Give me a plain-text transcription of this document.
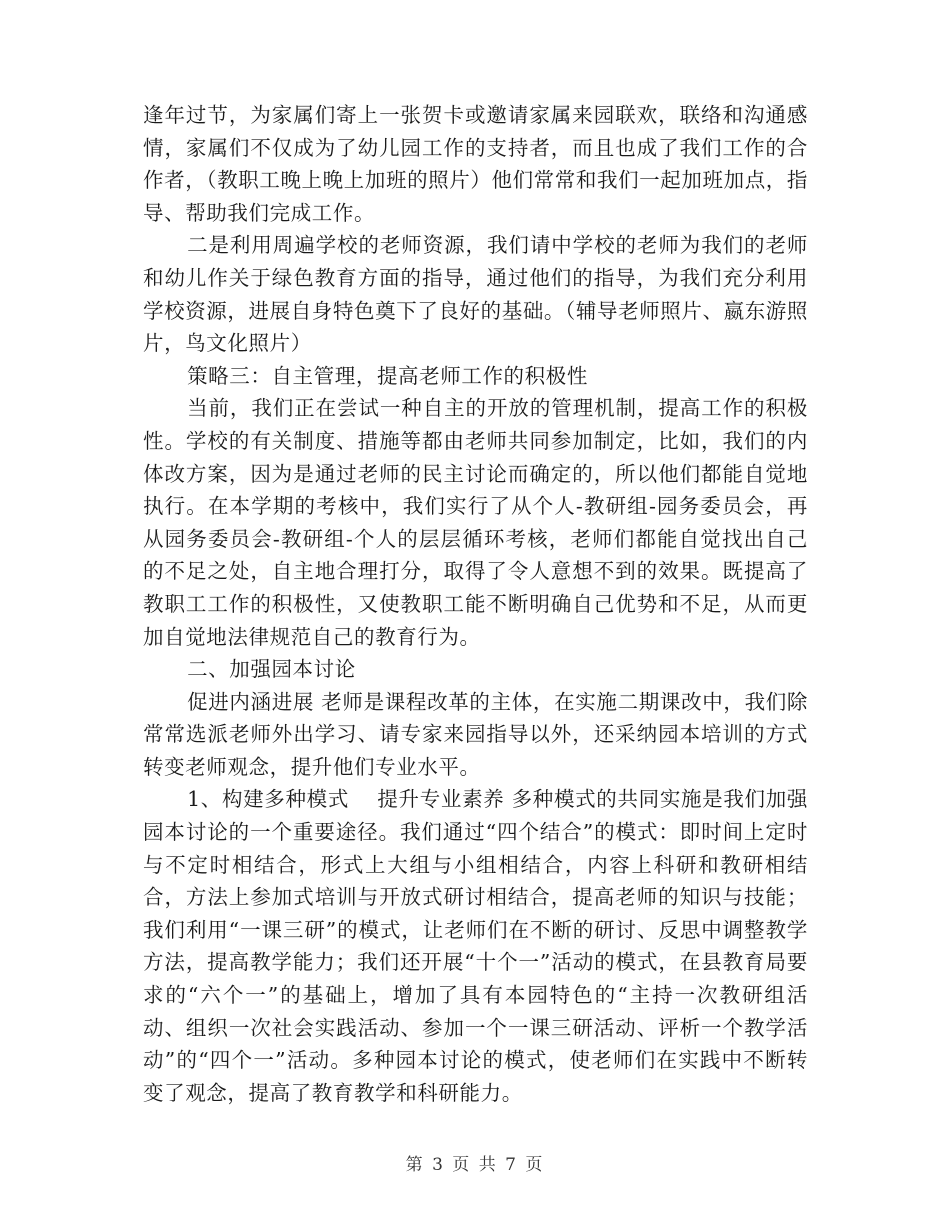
逢年过节，为家属们寄上一张贺卡或邀请家属来园联欢，联络和沟通感情，家属们不仅成为了幼儿园工作的支持者，而且也成了我们工作的合作者，（教职工晚上晚上加班的照片）他们常常和我们一起加班加点，指导、帮助我们完成工作。

二是利用周遍学校的老师资源，我们请中学校的老师为我们的老师和幼儿作关于绿色教育方面的指导，通过他们的指导，为我们充分利用学校资源，进展自身特色奠下了良好的基础。（辅导老师照片、嬴东游照片，鸟文化照片）

策略三：自主管理，提高老师工作的积极性

当前，我们正在尝试一种自主的开放的管理机制，提高工作的积极性。学校的有关制度、措施等都由老师共同参加制定，比如，我们的内体改方案，因为是通过老师的民主讨论而确定的，所以他们都能自觉地执行。在本学期的考核中，我们实行了从个人-教研组-园务委员会，再从园务委员会-教研组-个人的层层循环考核，老师们都能自觉找出自己的不足之处，自主地合理打分，取得了令人意想不到的效果。既提高了教职工工作的积极性，又使教职工能不断明确自己优势和不足，从而更加自觉地法律规范自己的教育行为。

二、加强园本讨论

促进内涵进展 老师是课程改革的主体，在实施二期课改中，我们除常常选派老师外出学习、请专家来园指导以外，还采纳园本培训的方式转变老师观念，提升他们专业水平。

1、构建多种模式　 提升专业素养 多种模式的共同实施是我们加强园本讨论的一个重要途径。我们通过“四个结合”的模式：即时间上定时与不定时相结合，形式上大组与小组相结合，内容上科研和教研相结合，方法上参加式培训与开放式研讨相结合，提高老师的知识与技能；我们利用“一课三研”的模式，让老师们在不断的研讨、反思中调整教学方法，提高教学能力；我们还开展“十个一”活动的模式，在县教育局要求的“六个一”的基础上，增加了具有本园特色的“主持一次教研组活动、组织一次社会实践活动、参加一个一课三研活动、评析一个教学活动”的“四个一”活动。多种园本讨论的模式，使老师们在实践中不断转变了观念，提高了教育教学和科研能力。

第 3 页 共 7 页
